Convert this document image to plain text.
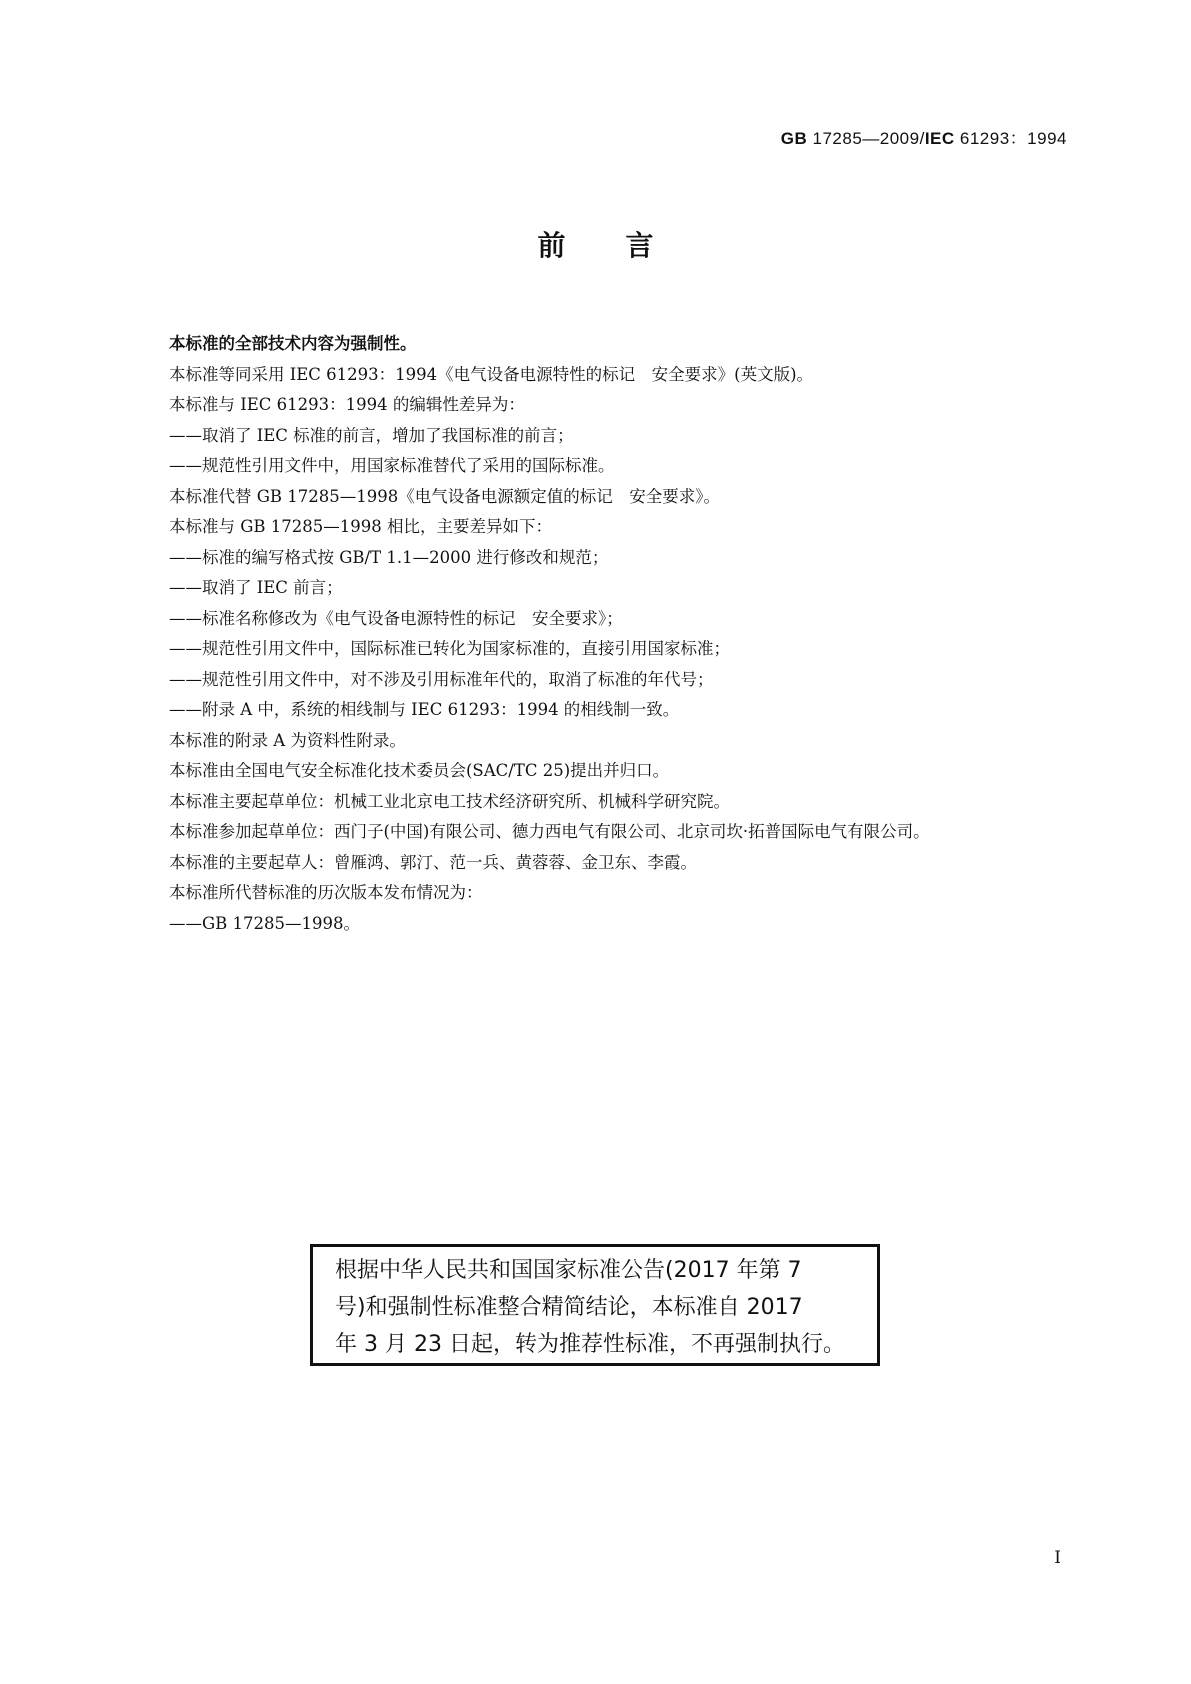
GB 17285—2009/IEC 61293：1994
前言

本标准的全部技术内容为强制性。

本标准等同采用 IEC 61293：1994《电气设备电源特性的标记　安全要求》(英文版)。

本标准与 IEC 61293：1994 的编辑性差异为：

——取消了 IEC 标准的前言，增加了我国标准的前言；

——规范性引用文件中，用国家标准替代了采用的国际标准。

本标准代替 GB 17285—1998《电气设备电源额定值的标记　安全要求》。

本标准与 GB 17285—1998 相比，主要差异如下：

——标准的编写格式按 GB/T 1.1—2000 进行修改和规范；

——取消了 IEC 前言；

——标准名称修改为《电气设备电源特性的标记　安全要求》；

——规范性引用文件中，国际标准已转化为国家标准的，直接引用国家标准；

——规范性引用文件中，对不涉及引用标准年代的，取消了标准的年代号；

——附录 A 中，系统的相线制与 IEC 61293：1994 的相线制一致。

本标准的附录 A 为资料性附录。

本标准由全国电气安全标准化技术委员会(SAC/TC 25)提出并归口。

本标准主要起草单位：机械工业北京电工技术经济研究所、机械科学研究院。

本标准参加起草单位：西门子(中国)有限公司、德力西电气有限公司、北京司坎·拓普国际电气有限公司。

本标准的主要起草人：曾雁鸿、郭汀、范一兵、黄蓉蓉、金卫东、李霞。

本标准所代替标准的历次版本发布情况为：

——GB 17285—1998。

根据中华人民共和国国家标准公告(2017 年第 7
号)和强制性标准整合精简结论，本标准自 2017
年 3 月 23 日起，转为推荐性标准，不再强制执行。
I
